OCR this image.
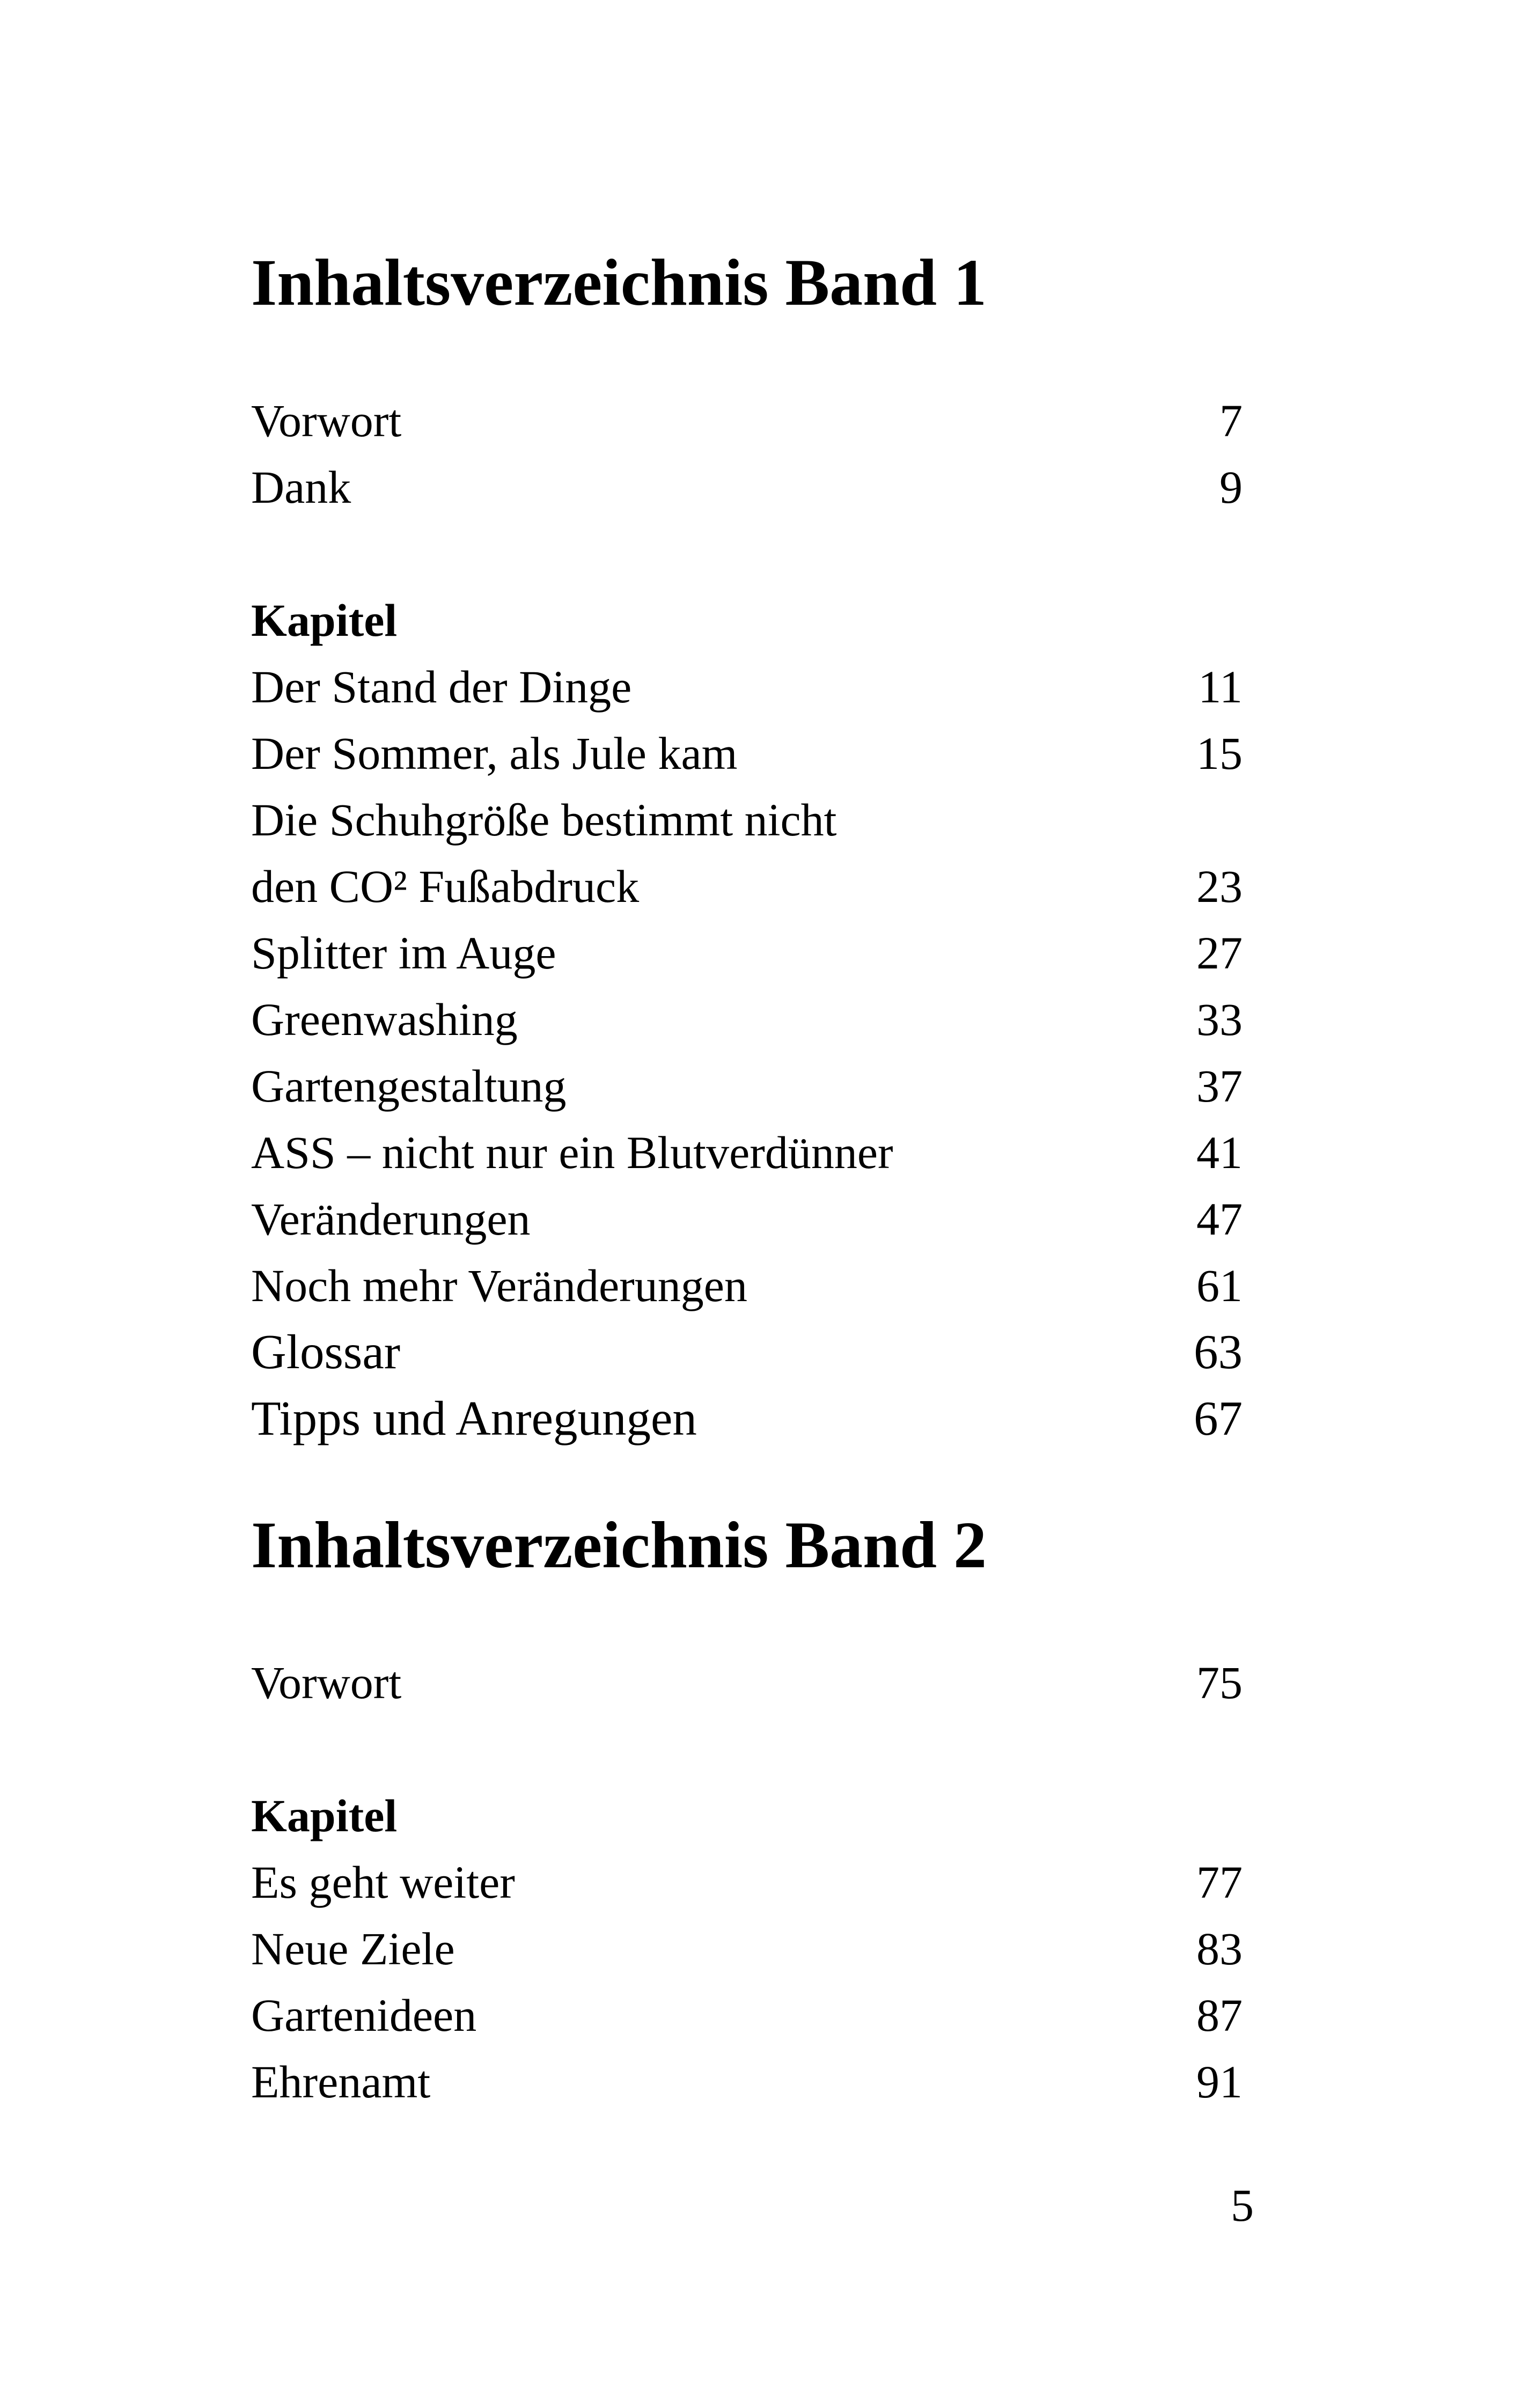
Inhaltsverzeichnis Band 1
Vorwort	7
Dank	9
Kapitel
Der Stand der Dinge	11
Der Sommer, als Jule kam	15
Die Schuhgröße bestimmt nicht
den CO² Fußabdruck	23
Splitter im Auge	27
Greenwashing	33
Gartengestaltung	37
ASS – nicht nur ein Blutverdünner	41
Veränderungen	47
Noch mehr Veränderungen	61
Glossar	63
Tipps und Anregungen	67
Inhaltsverzeichnis Band 2
Vorwort	75
Kapitel
Es geht weiter	77
Neue Ziele	83
Gartenideen	87
Ehrenamt	91
5
